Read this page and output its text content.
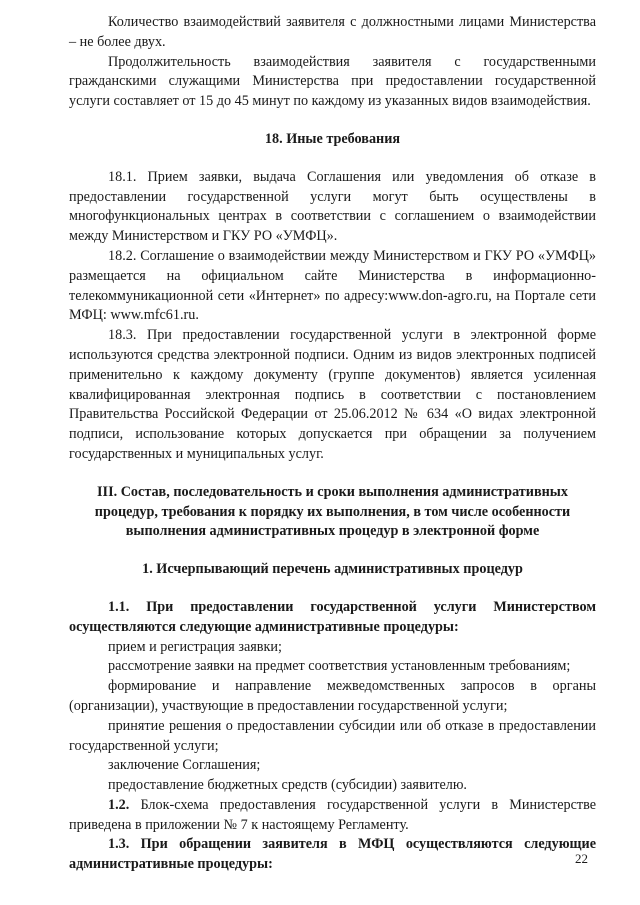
Количество взаимодействий заявителя с должностными лицами Министерства – не более двух.

Продолжительность взаимодействия заявителя с государственными гражданскими служащими Министерства при предоставлении государственной услуги составляет от 15 до 45 минут по каждому из указанных видов взаимодействия.

18. Иные требования

18.1. Прием заявки, выдача Соглашения или уведомления об отказе в предоставлении государственной услуги могут быть осуществлены в многофункциональных центрах в соответствии с соглашением о взаимодействии между Министерством и ГКУ РО «УМФЦ».

18.2. Соглашение о взаимодействии между Министерством и ГКУ РО «УМФЦ» размещается на официальном сайте Министерства в информационно-телекоммуникационной сети «Интернет» по адресу:www.don-agro.ru, на Портале сети МФЦ: www.mfc61.ru.

18.3. При предоставлении государственной услуги в электронной форме используются средства электронной подписи. Одним из видов электронных подписей применительно к каждому документу (группе документов) является усиленная квалифицированная электронная подпись в соответствии с постановлением Правительства Российской Федерации от 25.06.2012 № 634 «О видах электронной подписи, использование которых допускается при обращении за получением государственных и муниципальных услуг.

III. Состав, последовательность и сроки выполнения административных процедур, требования к порядку их выполнения, в том числе особенности выполнения административных процедур в электронной форме
1. Исчерпывающий перечень административных процедур

1.1. При предоставлении государственной услуги Министерством осуществляются следующие административные процедуры:

прием и регистрация заявки;

рассмотрение заявки на предмет соответствия установленным требованиям;

формирование и направление межведомственных запросов в органы (организации), участвующие в предоставлении государственной услуги;

принятие решения о предоставлении субсидии или об отказе в предоставлении государственной услуги;

заключение Соглашения;

предоставление бюджетных средств (субсидии) заявителю.

1.2. Блок-схема предоставления государственной услуги в Министерстве приведена в приложении № 7 к настоящему Регламенту.

1.3. При обращении заявителя в МФЦ осуществляются следующие административные процедуры:	22
